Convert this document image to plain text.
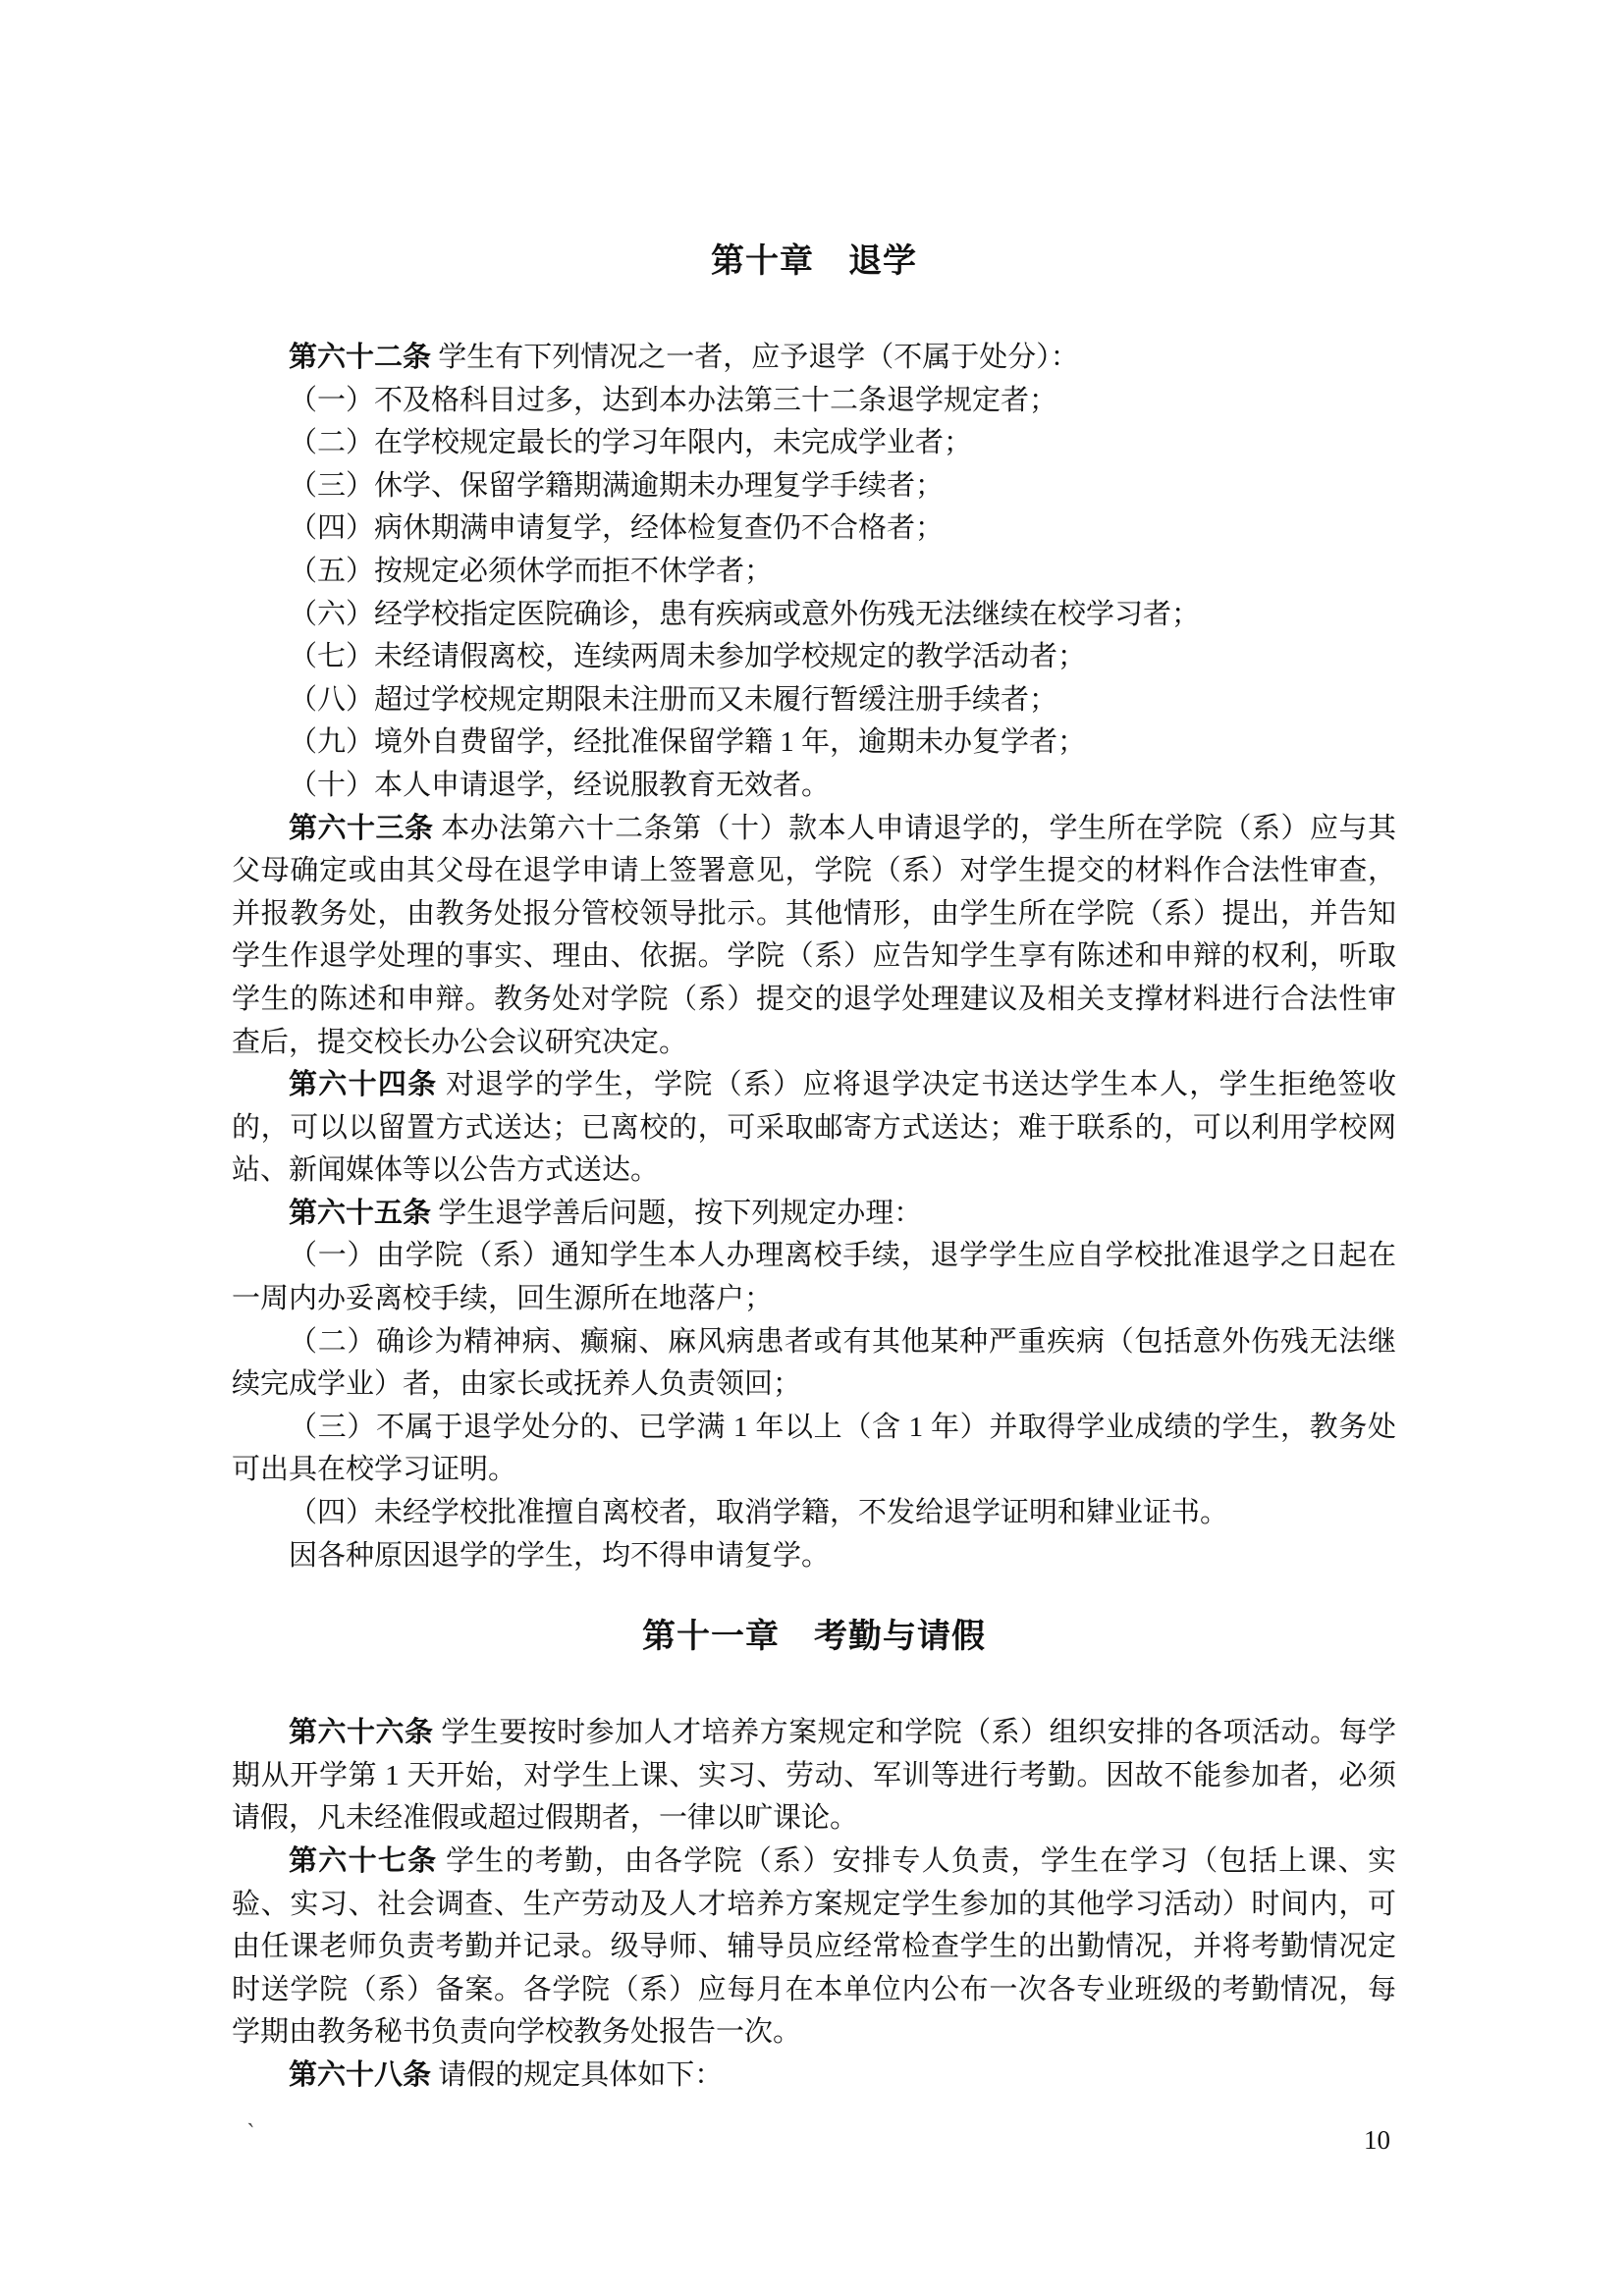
第十章　退学

第六十二条 学生有下列情况之一者，应予退学（不属于处分）：

（一）不及格科目过多，达到本办法第三十二条退学规定者；

（二）在学校规定最长的学习年限内，未完成学业者；

（三）休学、保留学籍期满逾期未办理复学手续者；

（四）病休期满申请复学，经体检复查仍不合格者；

（五）按规定必须休学而拒不休学者；

（六）经学校指定医院确诊，患有疾病或意外伤残无法继续在校学习者；

（七）未经请假离校，连续两周未参加学校规定的教学活动者；

（八）超过学校规定期限未注册而又未履行暂缓注册手续者；

（九）境外自费留学，经批准保留学籍 1 年，逾期未办复学者；

（十）本人申请退学，经说服教育无效者。

第六十三条 本办法第六十二条第（十）款本人申请退学的，学生所在学院（系）应与其父母确定或由其父母在退学申请上签署意见，学院（系）对学生提交的材料作合法性审查，并报教务处，由教务处报分管校领导批示。其他情形，由学生所在学院（系）提出，并告知学生作退学处理的事实、理由、依据。学院（系）应告知学生享有陈述和申辩的权利，听取学生的陈述和申辩。教务处对学院（系）提交的退学处理建议及相关支撑材料进行合法性审查后，提交校长办公会议研究决定。

第六十四条 对退学的学生，学院（系）应将退学决定书送达学生本人，学生拒绝签收的，可以以留置方式送达；已离校的，可采取邮寄方式送达；难于联系的，可以利用学校网站、新闻媒体等以公告方式送达。

第六十五条 学生退学善后问题，按下列规定办理：

（一）由学院（系）通知学生本人办理离校手续，退学学生应自学校批准退学之日起在一周内办妥离校手续，回生源所在地落户；

（二）确诊为精神病、癫痫、麻风病患者或有其他某种严重疾病（包括意外伤残无法继续完成学业）者，由家长或抚养人负责领回；

（三）不属于退学处分的、已学满 1 年以上（含 1 年）并取得学业成绩的学生，教务处可出具在校学习证明。

（四）未经学校批准擅自离校者，取消学籍，不发给退学证明和肄业证书。

因各种原因退学的学生，均不得申请复学。

第十一章　考勤与请假

第六十六条 学生要按时参加人才培养方案规定和学院（系）组织安排的各项活动。每学期从开学第 1 天开始，对学生上课、实习、劳动、军训等进行考勤。因故不能参加者，必须请假，凡未经准假或超过假期者，一律以旷课论。

第六十七条 学生的考勤，由各学院（系）安排专人负责，学生在学习（包括上课、实验、实习、社会调查、生产劳动及人才培养方案规定学生参加的其他学习活动）时间内，可由任课老师负责考勤并记录。级导师、辅导员应经常检查学生的出勤情况，并将考勤情况定时送学院（系）备案。各学院（系）应每月在本单位内公布一次各专业班级的考勤情况，每学期由教务秘书负责向学校教务处报告一次。

第六十八条 请假的规定具体如下：

`	10
